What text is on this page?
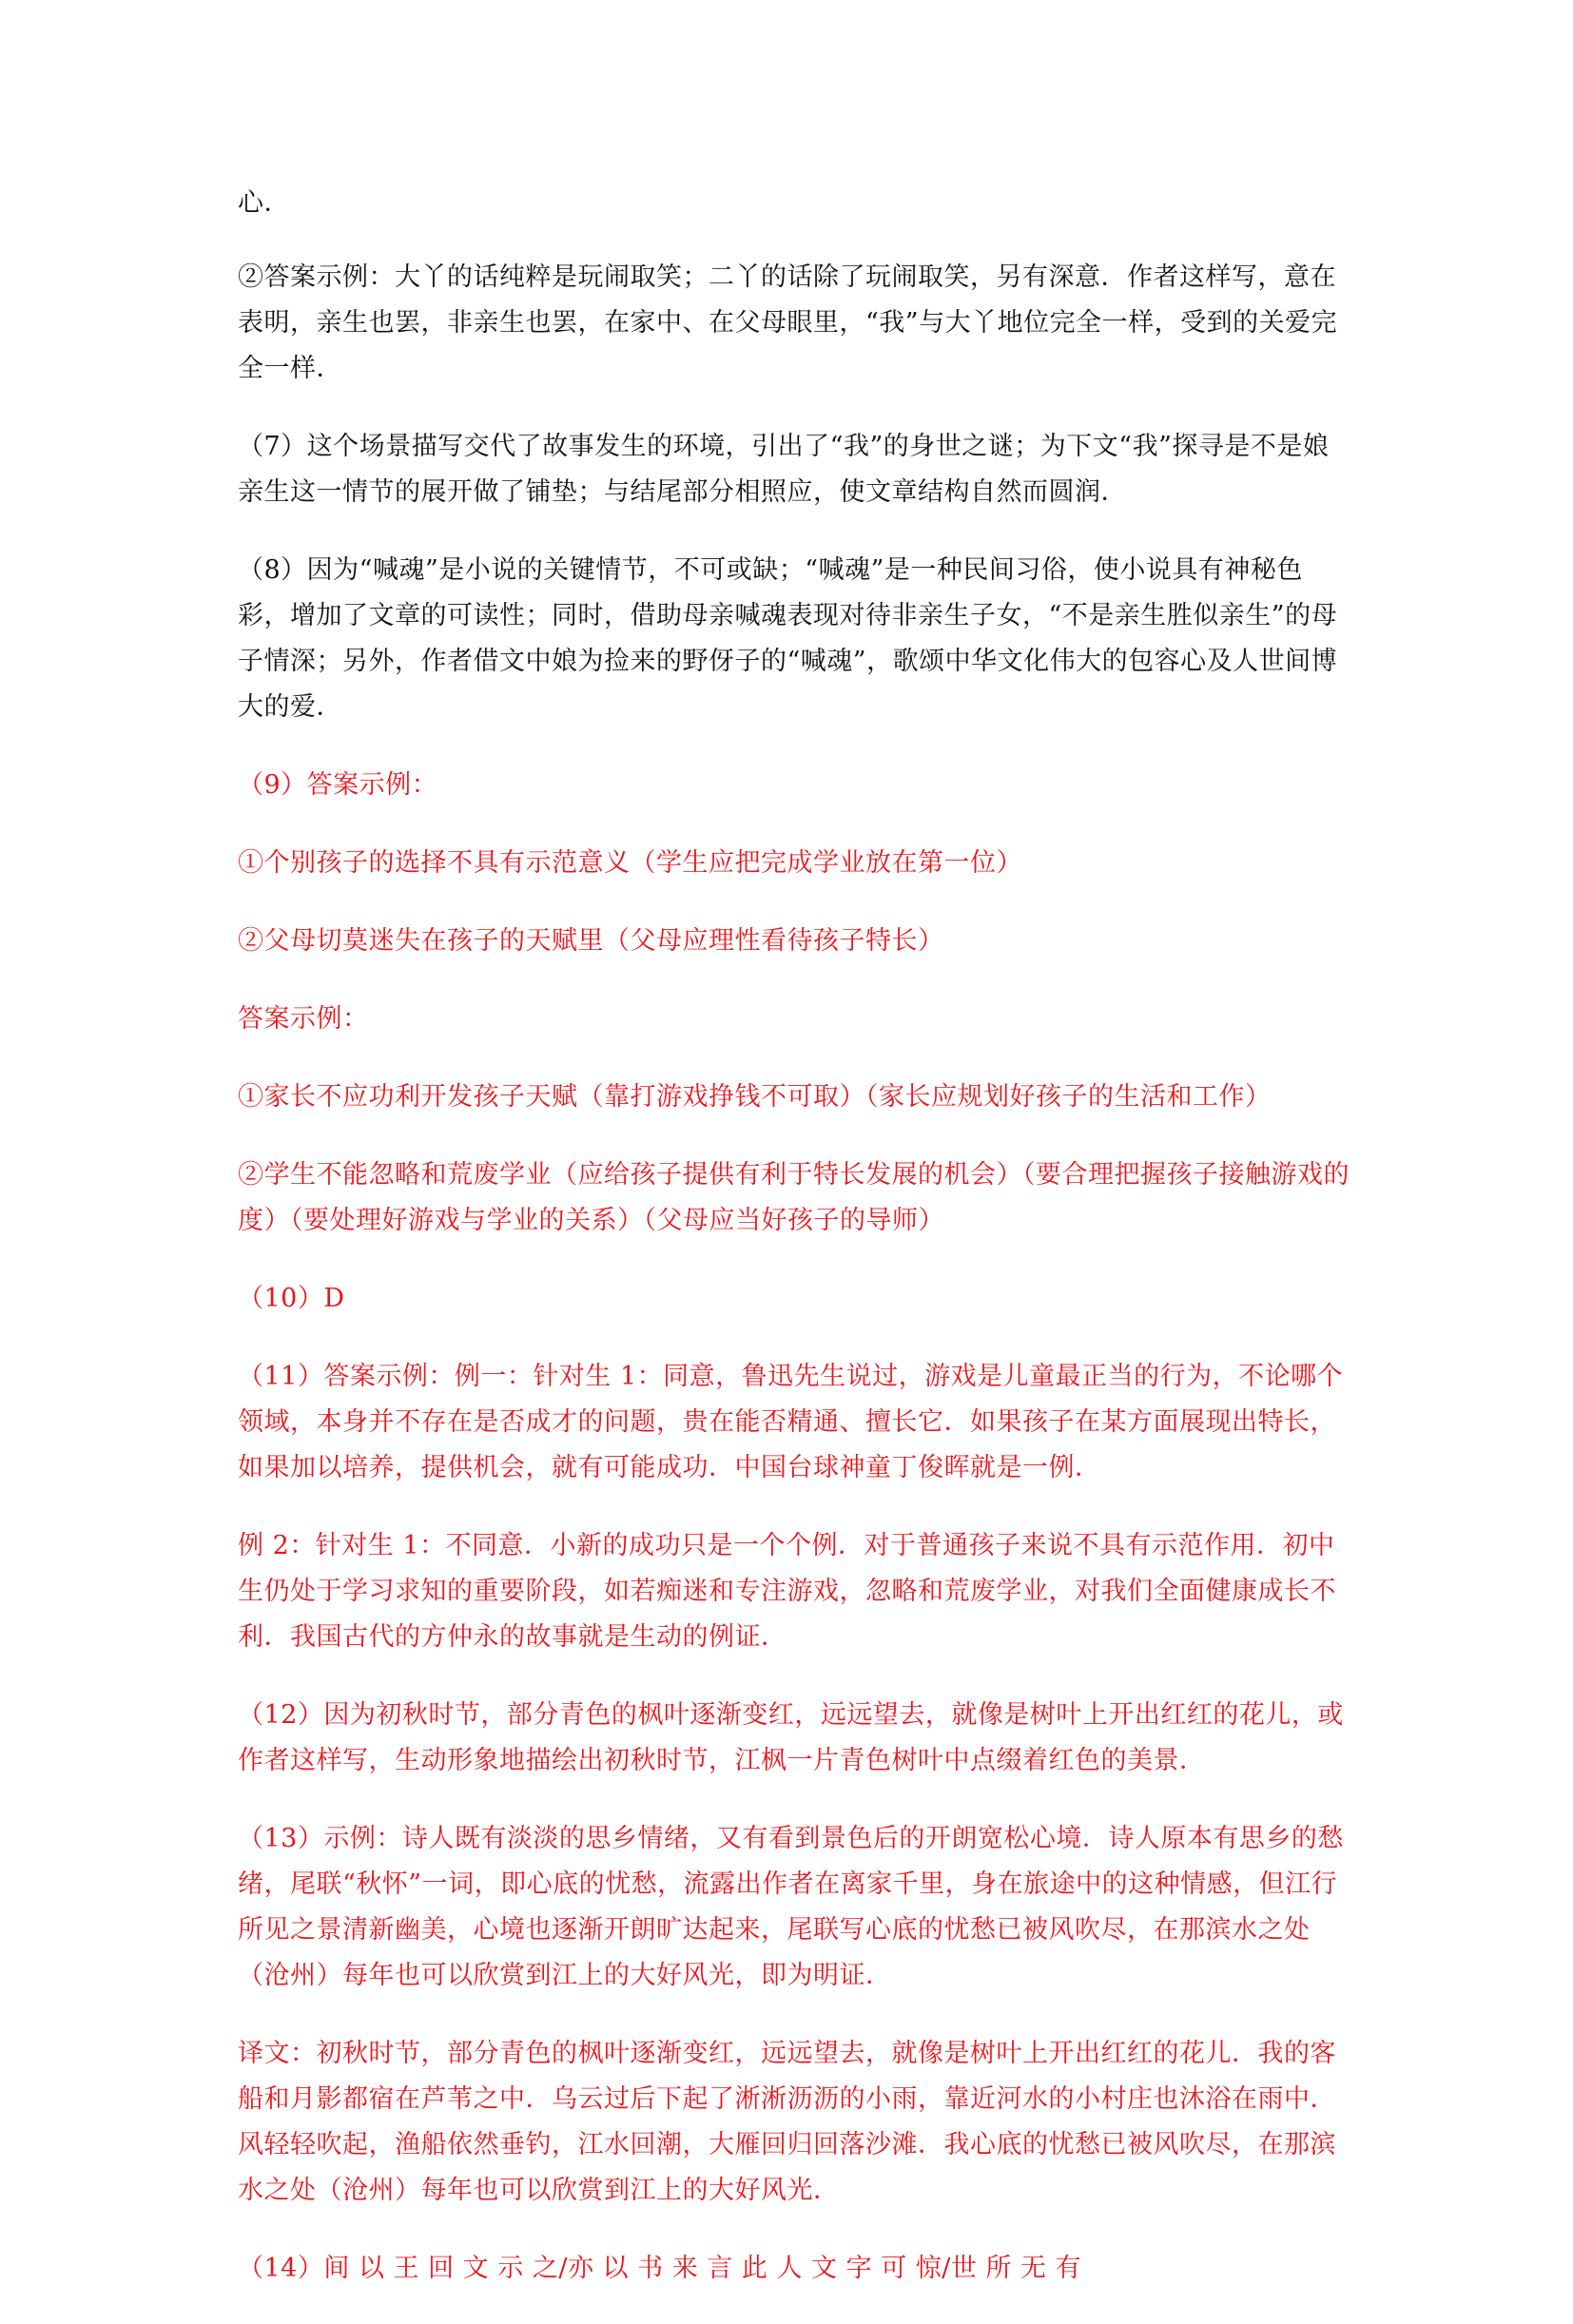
心．

②答案示例：大丫的话纯粹是玩闹取笑；二丫的话除了玩闹取笑，另有深意．作者这样写，意在表明，亲生也罢，非亲生也罢，在家中、在父母眼里，“我”与大丫地位完全一样，受到的关爱完全一样．

（7）这个场景描写交代了故事发生的环境，引出了“我”的身世之谜；为下文“我”探寻是不是娘亲生这一情节的展开做了铺垫；与结尾部分相照应，使文章结构自然而圆润．

（8）因为“喊魂”是小说的关键情节，不可或缺；“喊魂”是一种民间习俗，使小说具有神秘色彩，增加了文章的可读性；同时，借助母亲喊魂表现对待非亲生子女，“不是亲生胜似亲生”的母子情深；另外，作者借文中娘为捡来的野伢子的“喊魂”，歌颂中华文化伟大的包容心及人世间博大的爱．

（9）答案示例：

①个别孩子的选择不具有示范意义（学生应把完成学业放在第一位）

②父母切莫迷失在孩子的天赋里（父母应理性看待孩子特长）

答案示例：

①家长不应功利开发孩子天赋（靠打游戏挣钱不可取）（家长应规划好孩子的生活和工作）

②学生不能忽略和荒废学业（应给孩子提供有利于特长发展的机会）（要合理把握孩子接触游戏的度）（要处理好游戏与学业的关系）（父母应当好孩子的导师）

（10）D

（11）答案示例：例一：针对生 1：同意，鲁迅先生说过，游戏是儿童最正当的行为，不论哪个领域，本身并不存在是否成才的问题，贵在能否精通、擅长它．如果孩子在某方面展现出特长，如果加以培养，提供机会，就有可能成功．中国台球神童丁俊晖就是一例．

例 2：针对生 1：不同意．小新的成功只是一个个例．对于普通孩子来说不具有示范作用．初中生仍处于学习求知的重要阶段，如若痴迷和专注游戏，忽略和荒废学业，对我们全面健康成长不利．我国古代的方仲永的故事就是生动的例证．

（12）因为初秋时节，部分青色的枫叶逐渐变红，远远望去，就像是树叶上开出红红的花儿，或作者这样写，生动形象地描绘出初秋时节，江枫一片青色树叶中点缀着红色的美景．

（13）示例：诗人既有淡淡的思乡情绪，又有看到景色后的开朗宽松心境．诗人原本有思乡的愁绪，尾联“秋怀”一词，即心底的忧愁，流露出作者在离家千里，身在旅途中的这种情感，但江行所见之景清新幽美，心境也逐渐开朗旷达起来，尾联写心底的忧愁已被风吹尽，在那滨水之处（沧州）每年也可以欣赏到江上的大好风光，即为明证．

译文：初秋时节，部分青色的枫叶逐渐变红，远远望去，就像是树叶上开出红红的花儿．我的客船和月影都宿在芦苇之中．乌云过后下起了淅淅沥沥的小雨，靠近河水的小村庄也沐浴在雨中．风轻轻吹起，渔船依然垂钓，江水回潮，大雁回归回落沙滩．我心底的忧愁已被风吹尽，在那滨水之处（沧州）每年也可以欣赏到江上的大好风光．

（14）间 以 王 回 文 示 之/亦 以 书 来 言 此 人 文 字 可 惊/世 所 无 有
